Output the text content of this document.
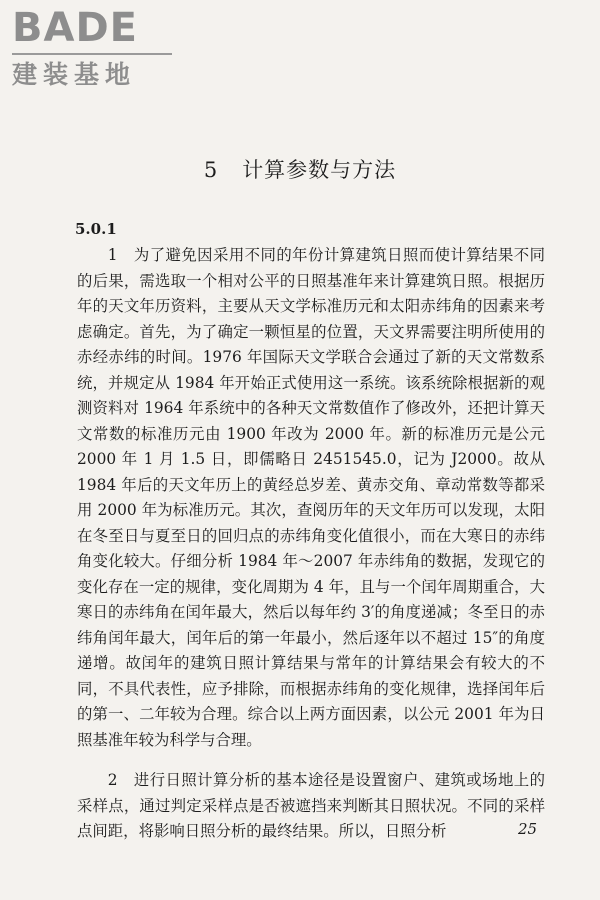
BADE
建装基地
5 计算参数与方法
5.0.1

1　为了避免因采用不同的年份计算建筑日照而使计算结果不同的后果，需选取一个相对公平的日照基准年来计算建筑日照。根据历年的天文年历资料，主要从天文学标准历元和太阳赤纬角的因素来考虑确定。首先，为了确定一颗恒星的位置，天文界需要注明所使用的赤经赤纬的时间。1976 年国际天文学联合会通过了新的天文常数系统，并规定从 1984 年开始正式使用这一系统。该系统除根据新的观测资料对 1964 年系统中的各种天文常数值作了修改外，还把计算天文常数的标准历元由 1900 年改为 2000 年。新的标准历元是公元 2000 年 1 月 1.5 日，即儒略日 2451545.0，记为 J2000。故从 1984 年后的天文年历上的黄经总岁差、黄赤交角、章动常数等都采用 2000 年为标准历元。其次，查阅历年的天文年历可以发现，太阳在冬至日与夏至日的回归点的赤纬角变化值很小，而在大寒日的赤纬角变化较大。仔细分析 1984 年～2007 年赤纬角的数据，发现它的变化存在一定的规律，变化周期为 4 年，且与一个闰年周期重合，大寒日的赤纬角在闰年最大，然后以每年约 3′的角度递减；冬至日的赤纬角闰年最大，闰年后的第一年最小，然后逐年以不超过 15″的角度递增。故闰年的建筑日照计算结果与常年的计算结果会有较大的不同，不具代表性，应予排除，而根据赤纬角的变化规律，选择闰年后的第一、二年较为合理。综合以上两方面因素，以公元 2001 年为日照基准年较为科学与合理。

2　进行日照计算分析的基本途径是设置窗户、建筑或场地上的采样点，通过判定采样点是否被遮挡来判断其日照状况。不同的采样点间距，将影响日照分析的最终结果。所以，日照分析	25
